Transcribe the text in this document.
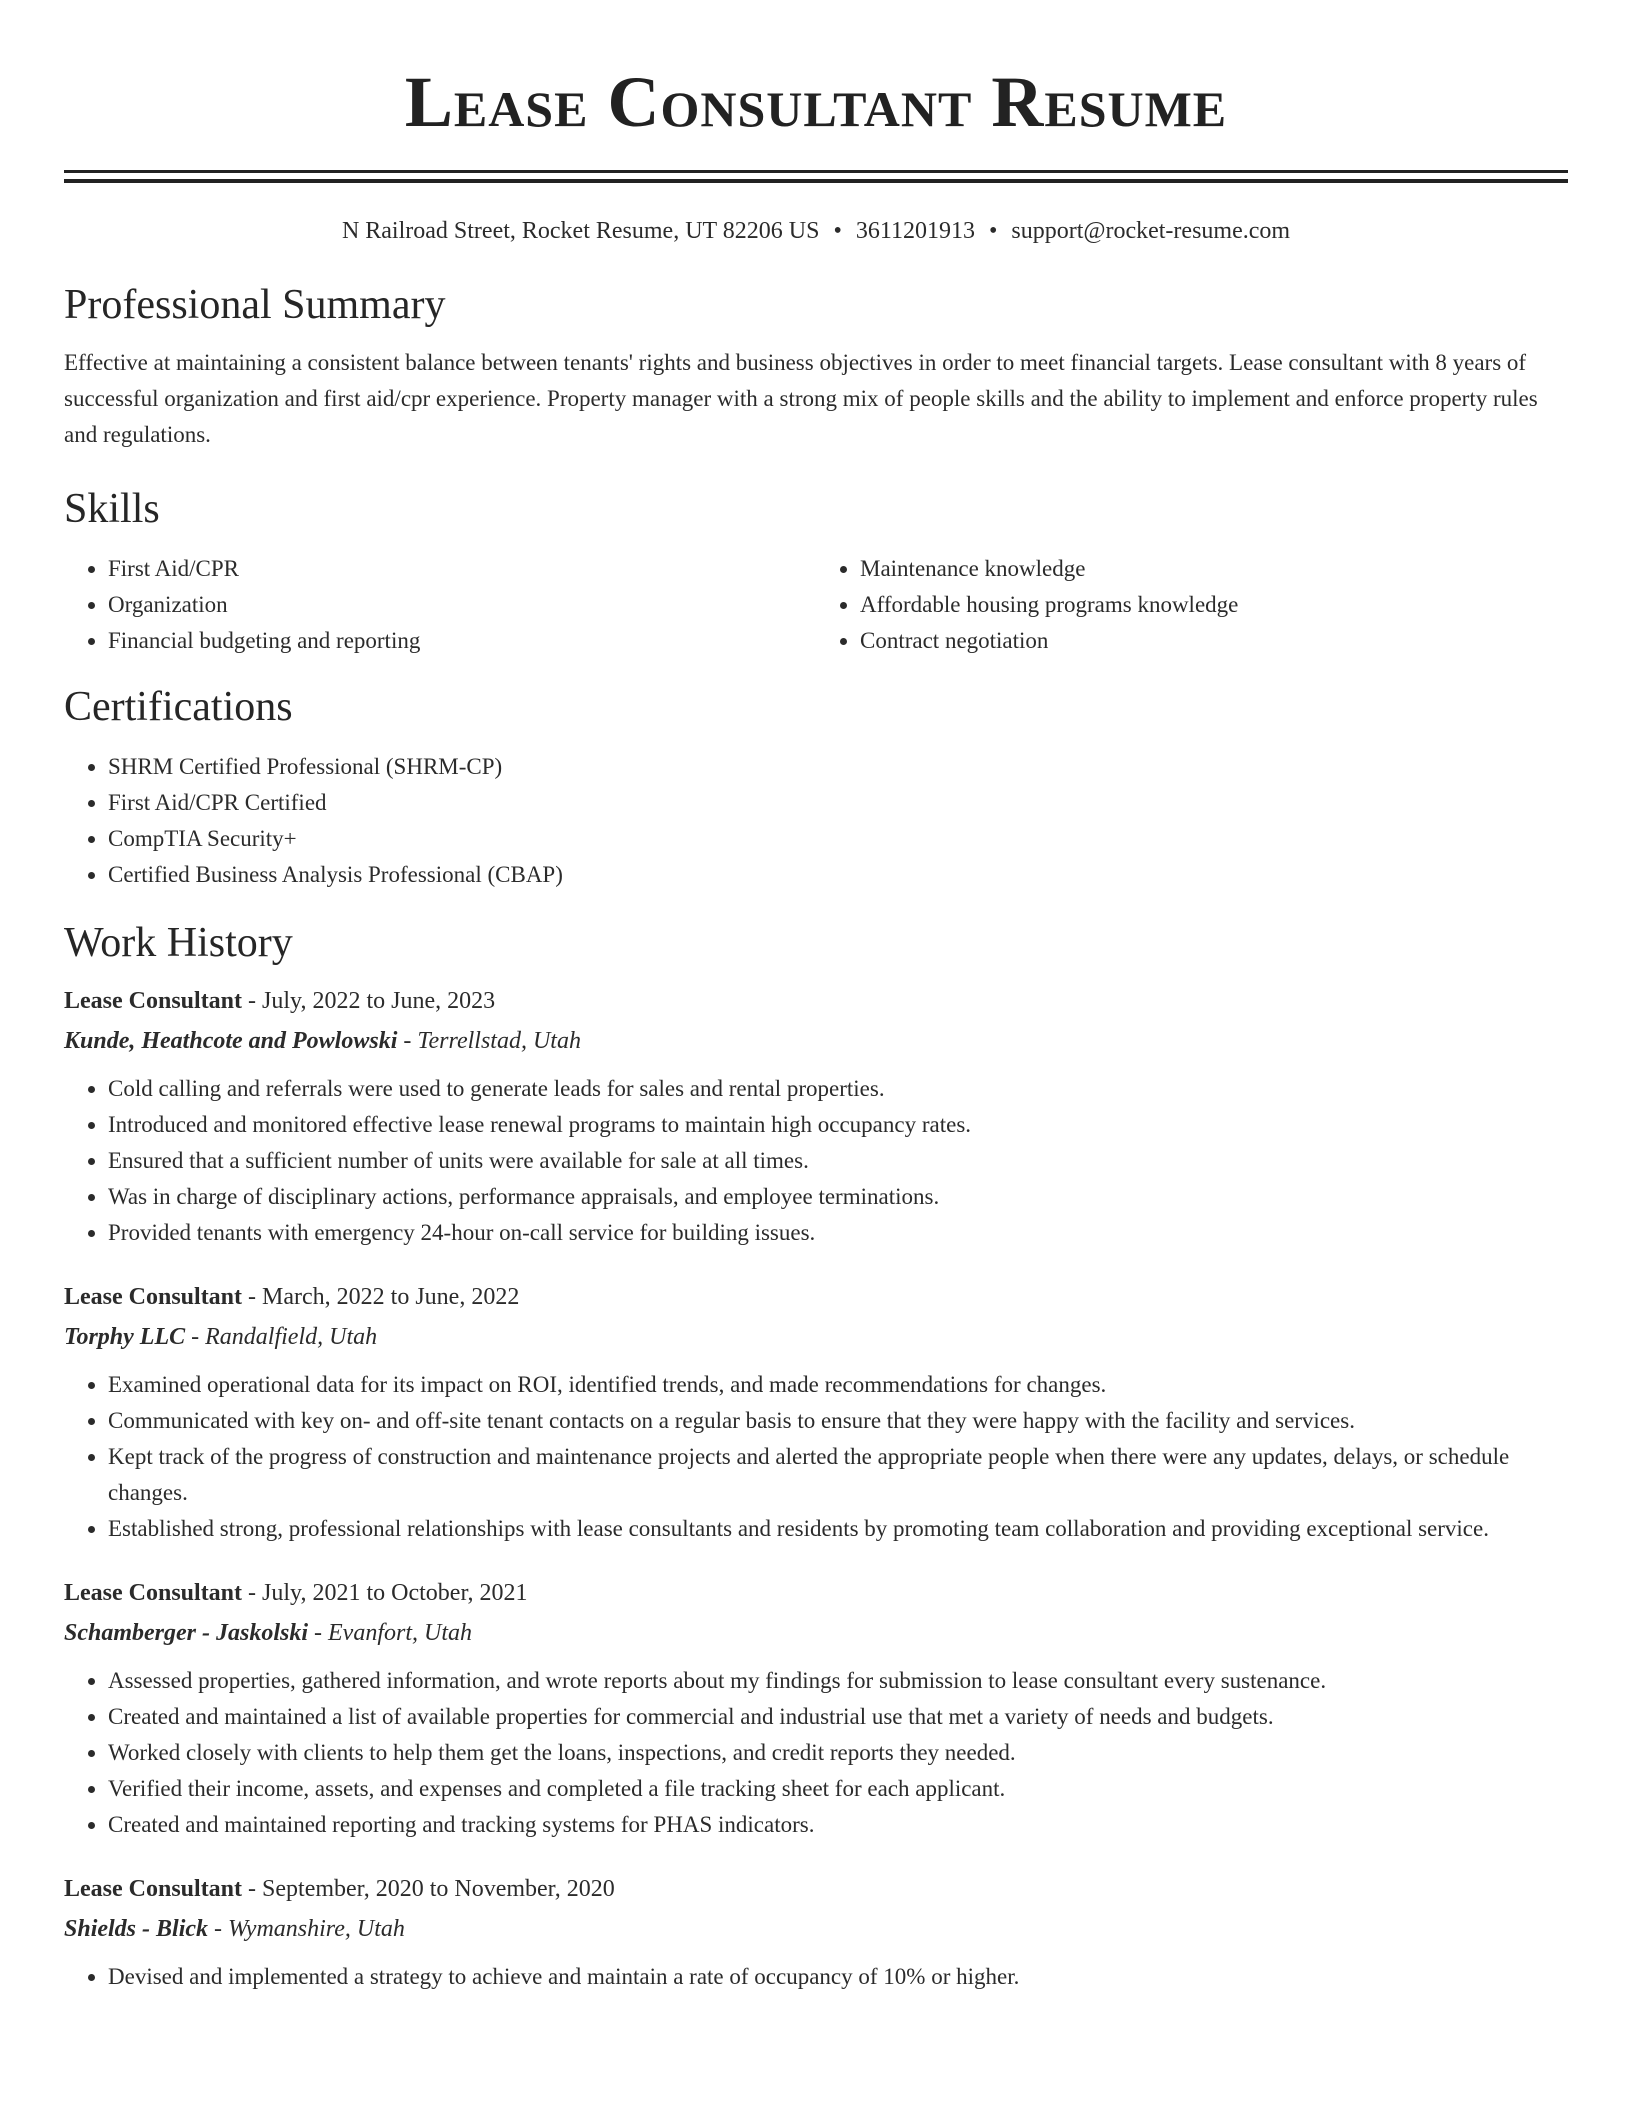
Lease Consultant Resume
N Railroad Street, Rocket Resume, UT 82206 US • 3611201913 • support@rocket-resume.com
Professional Summary

Effective at maintaining a consistent balance between tenants' rights and business objectives in order to meet financial targets. Lease consultant with 8 years of successful organization and first aid/cpr experience. Property manager with a strong mix of people skills and the ability to implement and enforce property rules and regulations.

Skills
• First Aid/CPR
• Organization
• Financial budgeting and reporting
• Maintenance knowledge
• Affordable housing programs knowledge
• Contract negotiation
Certifications
• SHRM Certified Professional (SHRM-CP)
• First Aid/CPR Certified
• CompTIA Security+
• Certified Business Analysis Professional (CBAP)
Work History
Lease Consultant - July, 2022 to June, 2023
Kunde, Heathcote and Powlowski - Terrellstad, Utah
• Cold calling and referrals were used to generate leads for sales and rental properties.
• Introduced and monitored effective lease renewal programs to maintain high occupancy rates.
• Ensured that a sufficient number of units were available for sale at all times.
• Was in charge of disciplinary actions, performance appraisals, and employee terminations.
• Provided tenants with emergency 24-hour on-call service for building issues.
Lease Consultant - March, 2022 to June, 2022
Torphy LLC - Randalfield, Utah
• Examined operational data for its impact on ROI, identified trends, and made recommendations for changes.
• Communicated with key on- and off-site tenant contacts on a regular basis to ensure that they were happy with the facility and services.
• Kept track of the progress of construction and maintenance projects and alerted the appropriate people when there were any updates, delays, or schedule changes.
• Established strong, professional relationships with lease consultants and residents by promoting team collaboration and providing exceptional service.
Lease Consultant - July, 2021 to October, 2021
Schamberger - Jaskolski - Evanfort, Utah
• Assessed properties, gathered information, and wrote reports about my findings for submission to lease consultant every sustenance.
• Created and maintained a list of available properties for commercial and industrial use that met a variety of needs and budgets.
• Worked closely with clients to help them get the loans, inspections, and credit reports they needed.
• Verified their income, assets, and expenses and completed a file tracking sheet for each applicant.
• Created and maintained reporting and tracking systems for PHAS indicators.
Lease Consultant - September, 2020 to November, 2020
Shields - Blick - Wymanshire, Utah
• Devised and implemented a strategy to achieve and maintain a rate of occupancy of 10% or higher.
